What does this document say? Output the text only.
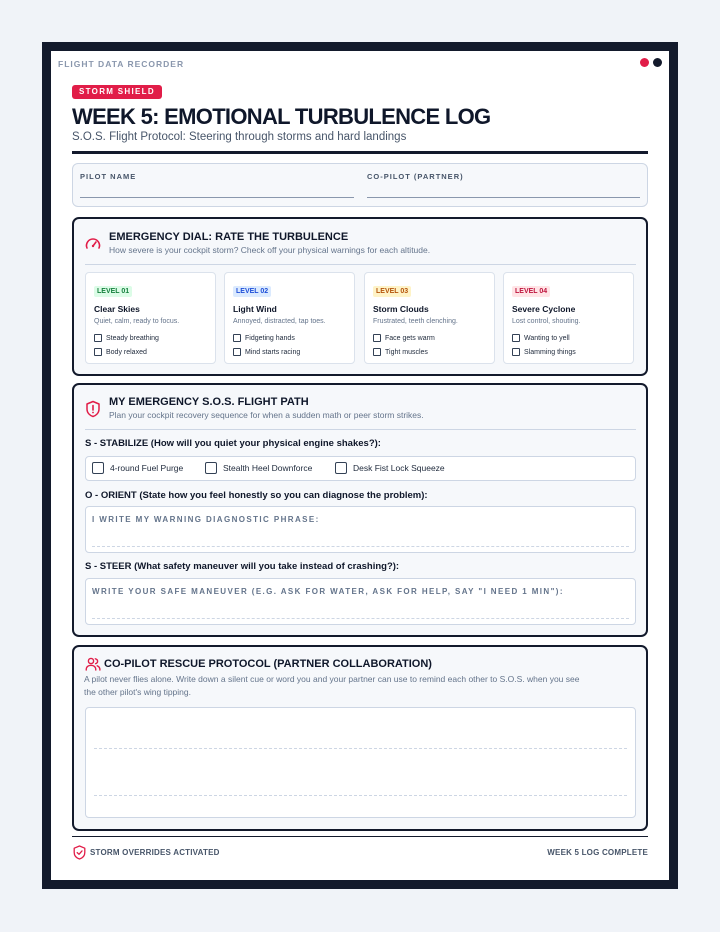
FLIGHT DATA RECORDER
STORM SHIELD
WEEK 5: EMOTIONAL TURBULENCE LOG
S.O.S. Flight Protocol: Steering through storms and hard landings
PILOT NAME	CO-PILOT (PARTNER)
EMERGENCY DIAL: RATE THE TURBULENCE
How severe is your cockpit storm? Check off your physical warnings for each altitude.
LEVEL 01
Clear Skies
Quiet, calm, ready to focus.
Steady breathing
Body relaxed
LEVEL 02
Light Wind
Annoyed, distracted, tap toes.
Fidgeting hands
Mind starts racing
LEVEL 03
Storm Clouds
Frustrated, teeth clenching.
Face gets warm
Tight muscles
LEVEL 04
Severe Cyclone
Lost control, shouting.
Wanting to yell
Slamming things
MY EMERGENCY S.O.S. FLIGHT PATH
Plan your cockpit recovery sequence for when a sudden math or peer storm strikes.
S - STABILIZE (How will you quiet your physical engine shakes?):
4-round Fuel Purge	Stealth Heel Downforce	Desk Fist Lock Squeeze
O - ORIENT (State how you feel honestly so you can diagnose the problem):
I WRITE MY WARNING DIAGNOSTIC PHRASE:
S - STEER (What safety maneuver will you take instead of crashing?):
WRITE YOUR SAFE MANEUVER (E.G. ASK FOR WATER, ASK FOR HELP, SAY "I NEED 1 MIN"):
CO-PILOT RESCUE PROTOCOL (PARTNER COLLABORATION)
A pilot never flies alone. Write down a silent cue or word you and your partner can use to remind each other to S.O.S. when you see
the other pilot's wing tipping.
STORM OVERRIDES ACTIVATED	WEEK 5 LOG COMPLETE
